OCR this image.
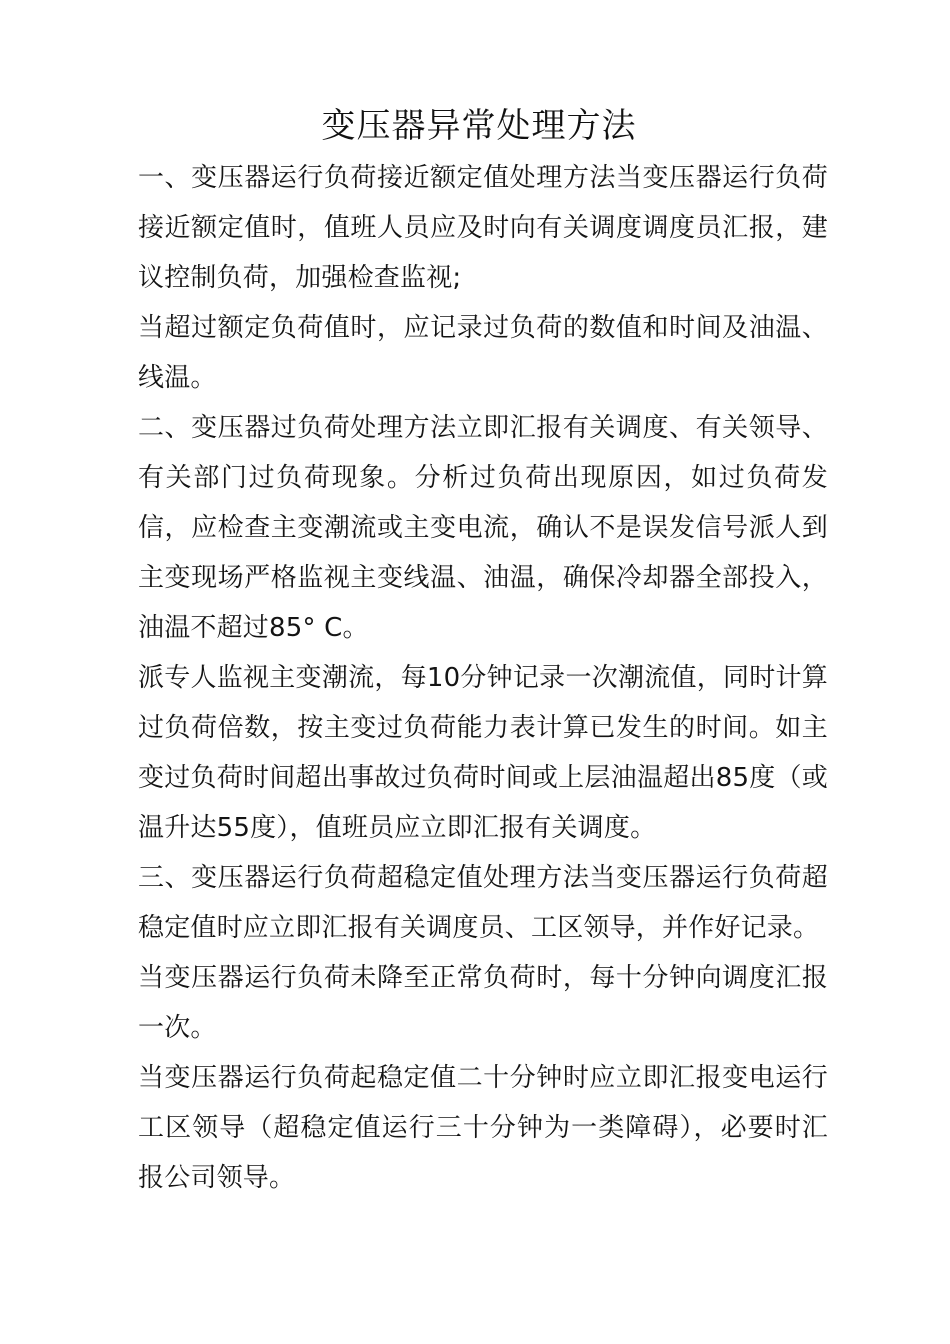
变压器异常处理方法

一、变压器运行负荷接近额定值处理方法当变压器运行负荷接近额定值时，值班人员应及时向有关调度调度员汇报，建议控制负荷，加强检查监视;

当超过额定负荷值时，应记录过负荷的数值和时间及油温、线温。

二、变压器过负荷处理方法立即汇报有关调度、有关领导、有关部门过负荷现象。分析过负荷出现原因，如过负荷发信，应检查主变潮流或主变电流，确认不是误发信号派人到主变现场严格监视主变线温、油温，确保冷却器全部投入，油温不超过85° C。

派专人监视主变潮流，每10分钟记录一次潮流值，同时计算过负荷倍数，按主变过负荷能力表计算已发生的时间。如主变过负荷时间超出事故过负荷时间或上层油温超出85度（或温升达55度），值班员应立即汇报有关调度。

三、变压器运行负荷超稳定值处理方法当变压器运行负荷超稳定值时应立即汇报有关调度员、工区领导，并作好记录。

当变压器运行负荷未降至正常负荷时，每十分钟向调度汇报一次。

当变压器运行负荷起稳定值二十分钟时应立即汇报变电运行工区领导（超稳定值运行三十分钟为一类障碍），必要时汇报公司领导。
